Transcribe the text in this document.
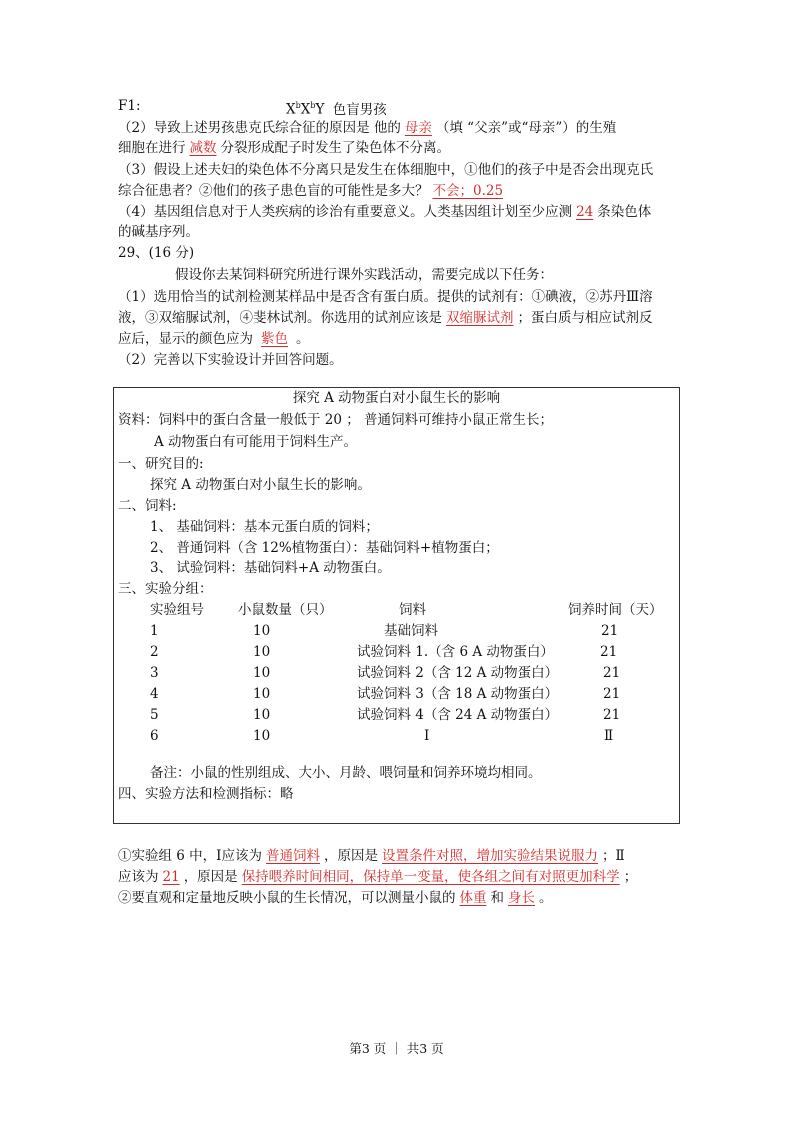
F1:	$X^bX^bY$ 色盲男孩
（2）导致上述男孩患克氏综合征的原因是 他的 母亲 （填 “父亲”或“母亲”）的生殖
细胞在进行 减数 分裂形成配子时发生了染色体不分离。
（3）假设上述夫妇的染色体不分离只是发生在体细胞中，①他们的孩子中是否会出现克氏
综合征患者？②他们的孩子患色盲的可能性是多大？ 不会；0.25
（4）基因组信息对于人类疾病的诊治有重要意义。人类基因组计划至少应测 24 条染色体
的碱基序列。
29、(16 分)
假设你去某饲料研究所进行课外实践活动，需要完成以下任务：
（1）选用恰当的试剂检测某样品中是否含有蛋白质。提供的试剂有：①碘液，②苏丹Ⅲ溶
液，③双缩脲试剂，④斐林试剂。你选用的试剂应该是 双缩脲试剂 ；蛋白质与相应试剂反
应后，显示的颜色应为 紫色 。
（2）完善以下实验设计并回答问题。
探究 A 动物蛋白对小鼠生长的影响
资料：饲料中的蛋白含量一般低于 20 ； 普通饲料可维持小鼠正常生长；
A 动物蛋白有可能用于饲料生产。
一、研究目的:
探究 A 动物蛋白对小鼠生长的影响。
二、饲料:
1、 基础饲料：基本元蛋白质的饲料；
2、 普通饲料（含 12%植物蛋白）：基础饲料+植物蛋白；
3、 试验饲料：基础饲料+A 动物蛋白。
三、实验分组：
实验组号	小鼠数量（只）	饲料	饲养时间（天）
1	10	基础饲料	21
2	10	试验饲料 1.（含 6 A 动物蛋白）	21
3	10	试验饲料 2（含 12 A 动物蛋白）	21
4	10	试验饲料 3（含 18 A 动物蛋白）	21
5	10	试验饲料 4（含 24 A 动物蛋白）	21
6	10	Ⅰ	Ⅱ
备注：小鼠的性别组成、大小、月龄、喂饲量和饲养环境均相同。
四、实验方法和检测指标：略
①实验组 6 中，Ⅰ应该为 普通饲料 ，原因是 设置条件对照，增加实验结果说服力 ；Ⅱ
应该为 21 ，原因是 保持喂养时间相同，保持单一变量，使各组之间有对照更加科学 ；
②要直观和定量地反映小鼠的生长情况，可以测量小鼠的 体重 和 身长 。
第3 页 ｜ 共3 页
